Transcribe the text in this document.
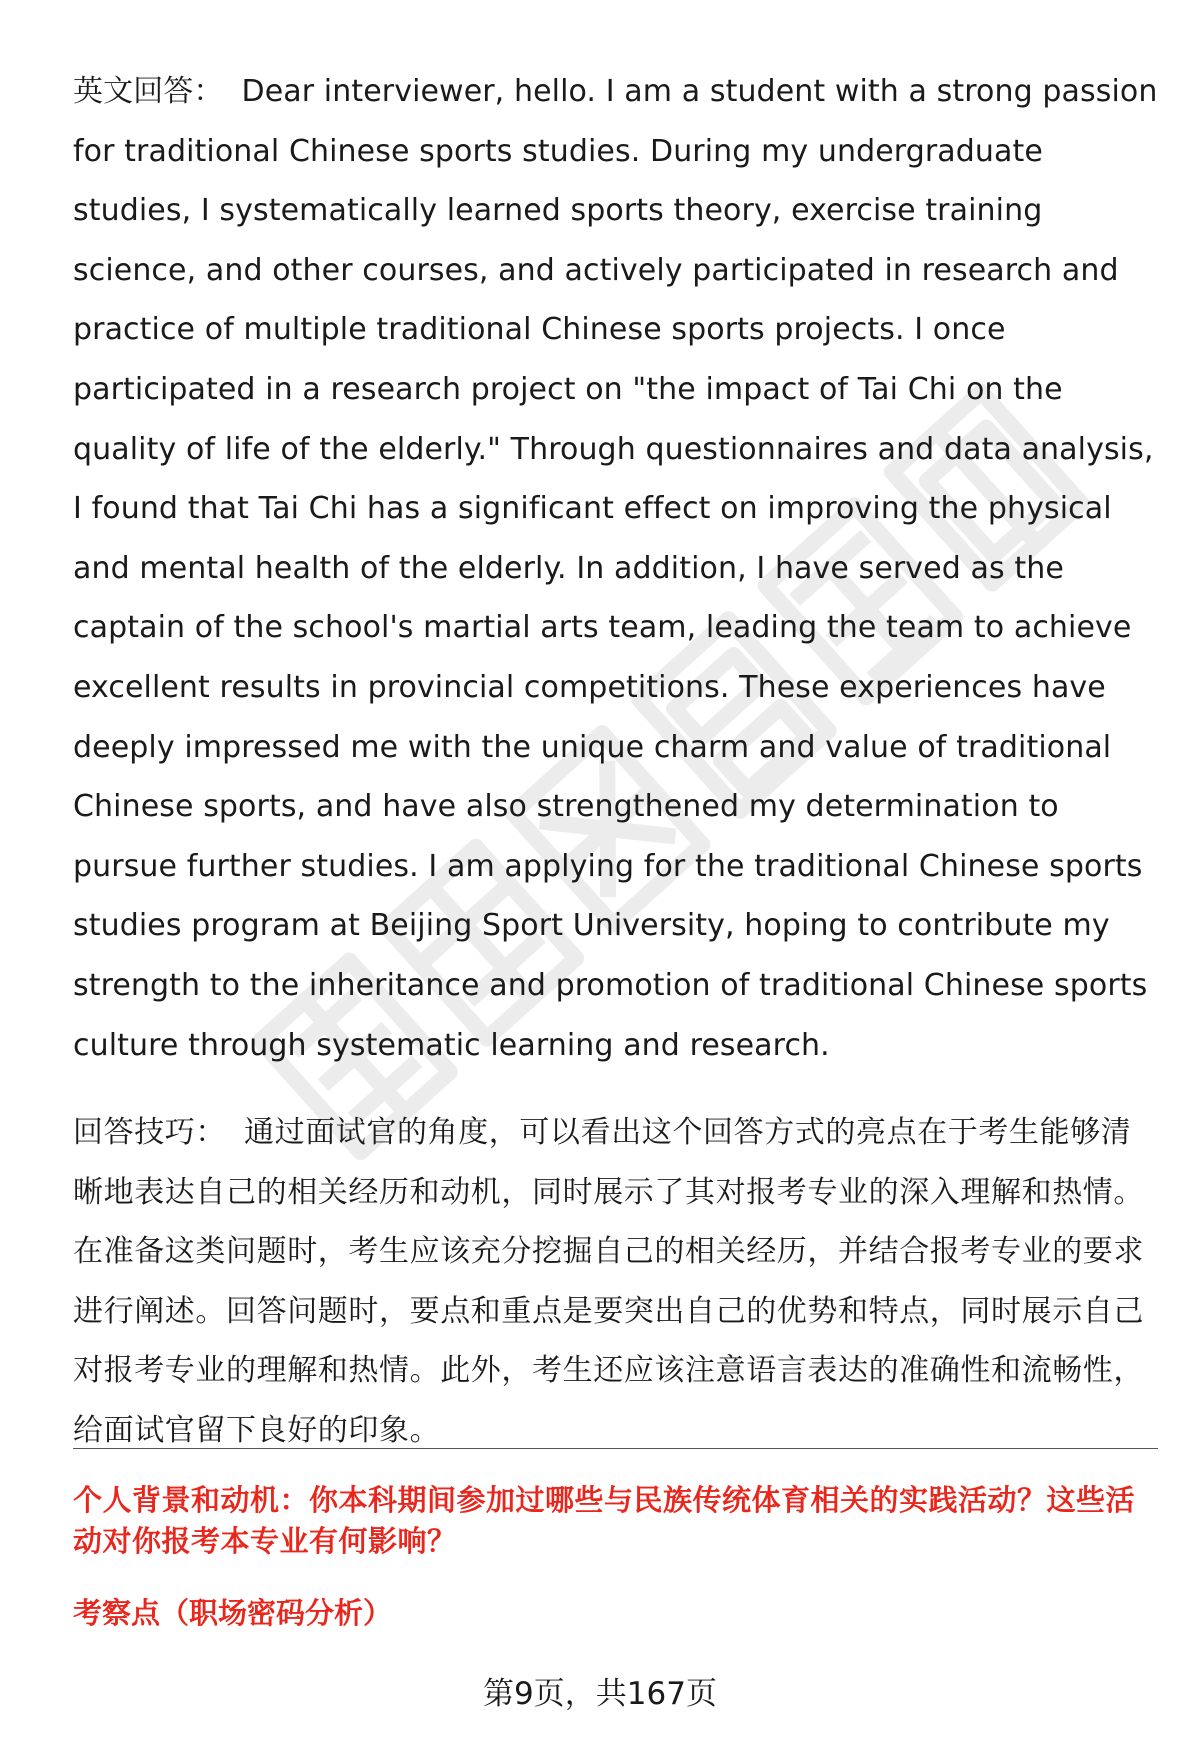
英文回答： Dear interviewer, hello. I am a student with a strong passion for traditional Chinese sports studies. During my undergraduate studies, I systematically learned sports theory, exercise training science, and other courses, and actively participated in research and practice of multiple traditional Chinese sports projects. I once participated in a research project on "the impact of Tai Chi on the quality of life of the elderly." Through questionnaires and data analysis, I found that Tai Chi has a significant effect on improving the physical and mental health of the elderly. In addition, I have served as the captain of the school's martial arts team, leading the team to achieve excellent results in provincial competitions. These experiences have deeply impressed me with the unique charm and value of traditional Chinese sports, and have also strengthened my determination to pursue further studies. I am applying for the traditional Chinese sports studies program at Beijing Sport University, hoping to contribute my strength to the inheritance and promotion of traditional Chinese sports culture through systematic learning and research.

回答技巧： 通过面试官的角度，可以看出这个回答方式的亮点在于考生能够清晰地表达自己的相关经历和动机，同时展示了其对报考专业的深入理解和热情。在准备这类问题时，考生应该充分挖掘自己的相关经历，并结合报考专业的要求进行阐述。回答问题时，要点和重点是要突出自己的优势和特点，同时展示自己对报考专业的理解和热情。此外，考生还应该注意语言表达的准确性和流畅性，给面试官留下良好的印象。

个人背景和动机：你本科期间参加过哪些与民族传统体育相关的实践活动？这些活动对你报考本专业有何影响？

考察点（职场密码分析）

第9页，共167页
